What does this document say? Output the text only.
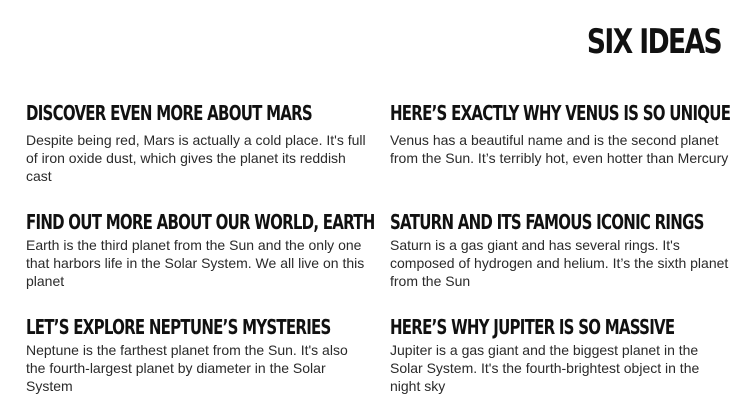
SIX IDEAS
DISCOVER EVEN MORE ABOUT MARS

Despite being red, Mars is actually a cold place. It's full of iron oxide dust, which gives the planet its reddish cast

HERE’S EXACTLY WHY VENUS IS SO UNIQUE

Venus has a beautiful name and is the second planet from the Sun. It’s terribly hot, even hotter than Mercury

FIND OUT MORE ABOUT OUR WORLD, EARTH

Earth is the third planet from the Sun and the only one that harbors life in the Solar System. We all live on this planet

SATURN AND ITS FAMOUS ICONIC RINGS

Saturn is a gas giant and has several rings. It's composed of hydrogen and helium. It’s the sixth planet from the Sun

LET’S EXPLORE NEPTUNE’S MYSTERIES

Neptune is the farthest planet from the Sun. It's also the fourth-largest planet by diameter in the Solar System

HERE’S WHY JUPITER IS SO MASSIVE

Jupiter is a gas giant and the biggest planet in the Solar System. It's the fourth-brightest object in the night sky
